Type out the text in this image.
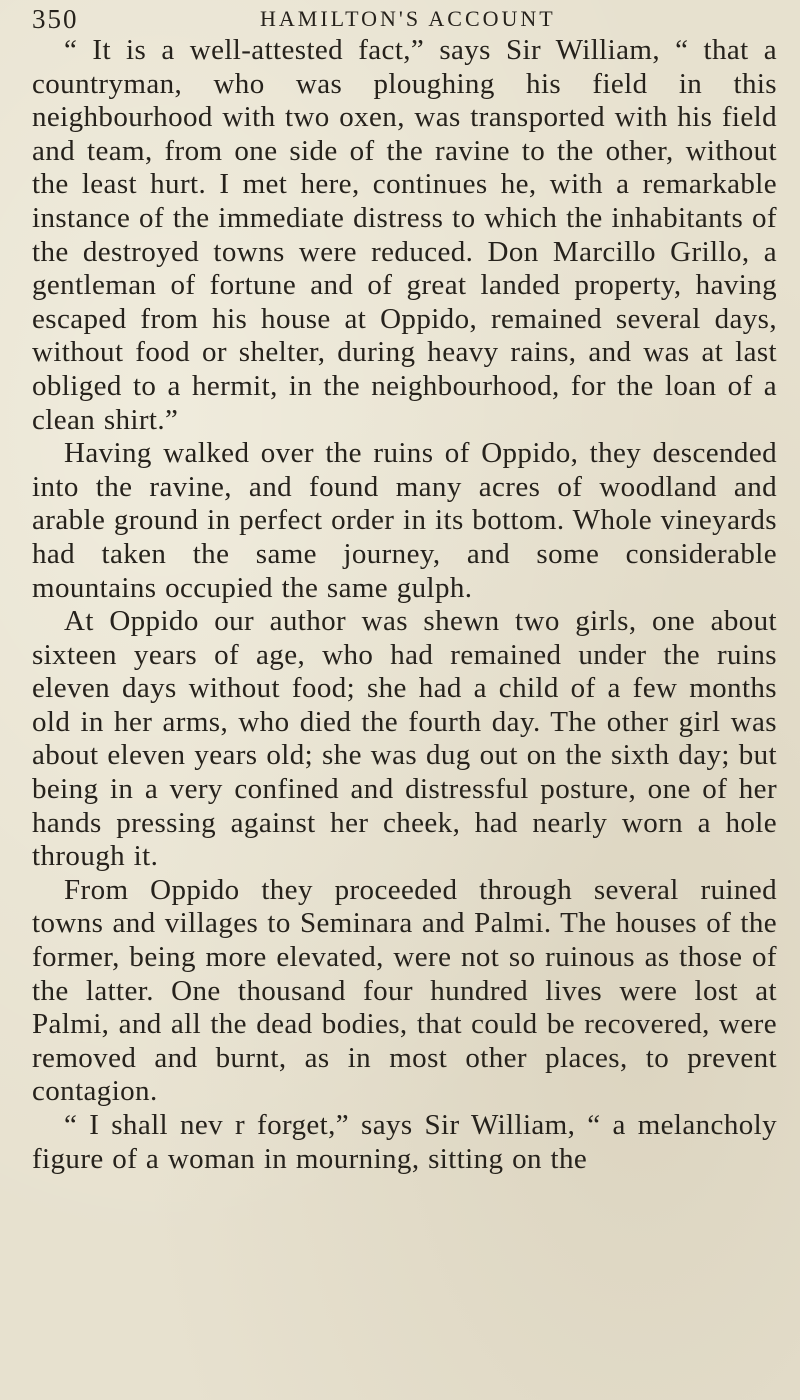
350	HAMILTON'S ACCOUNT

“ It is a well-attested fact,” says Sir William, “ that a countryman, who was ploughing his field in this neighbourhood with two oxen, was transported with his field and team, from one side of the ravine to the other, without the least hurt. I met here, continues he, with a remarkable instance of the immediate distress to which the inhabitants of the destroyed towns were reduced. Don Marcillo Grillo, a gentleman of fortune and of great landed property, having escaped from his house at Oppido, remained several days, without food or shelter, during heavy rains, and was at last obliged to a hermit, in the neighbourhood, for the loan of a clean shirt.”

Having walked over the ruins of Oppido, they descended into the ravine, and found many acres of woodland and arable ground in perfect order in its bottom. Whole vineyards had taken the same journey, and some considerable mountains occupied the same gulph.

At Oppido our author was shewn two girls, one about sixteen years of age, who had remained under the ruins eleven days without food; she had a child of a few months old in her arms, who died the fourth day. The other girl was about eleven years old; she was dug out on the sixth day; but being in a very confined and distressful posture, one of her hands pressing against her cheek, had nearly worn a hole through it.

From Oppido they proceeded through several ruined towns and villages to Seminara and Palmi. The houses of the former, being more elevated, were not so ruinous as those of the latter. One thousand four hundred lives were lost at Palmi, and all the dead bodies, that could be recovered, were removed and burnt, as in most other places, to prevent contagion.

“ I shall nev r forget,” says Sir William, “ a melancholy figure of a woman in mourning, sitting on the
